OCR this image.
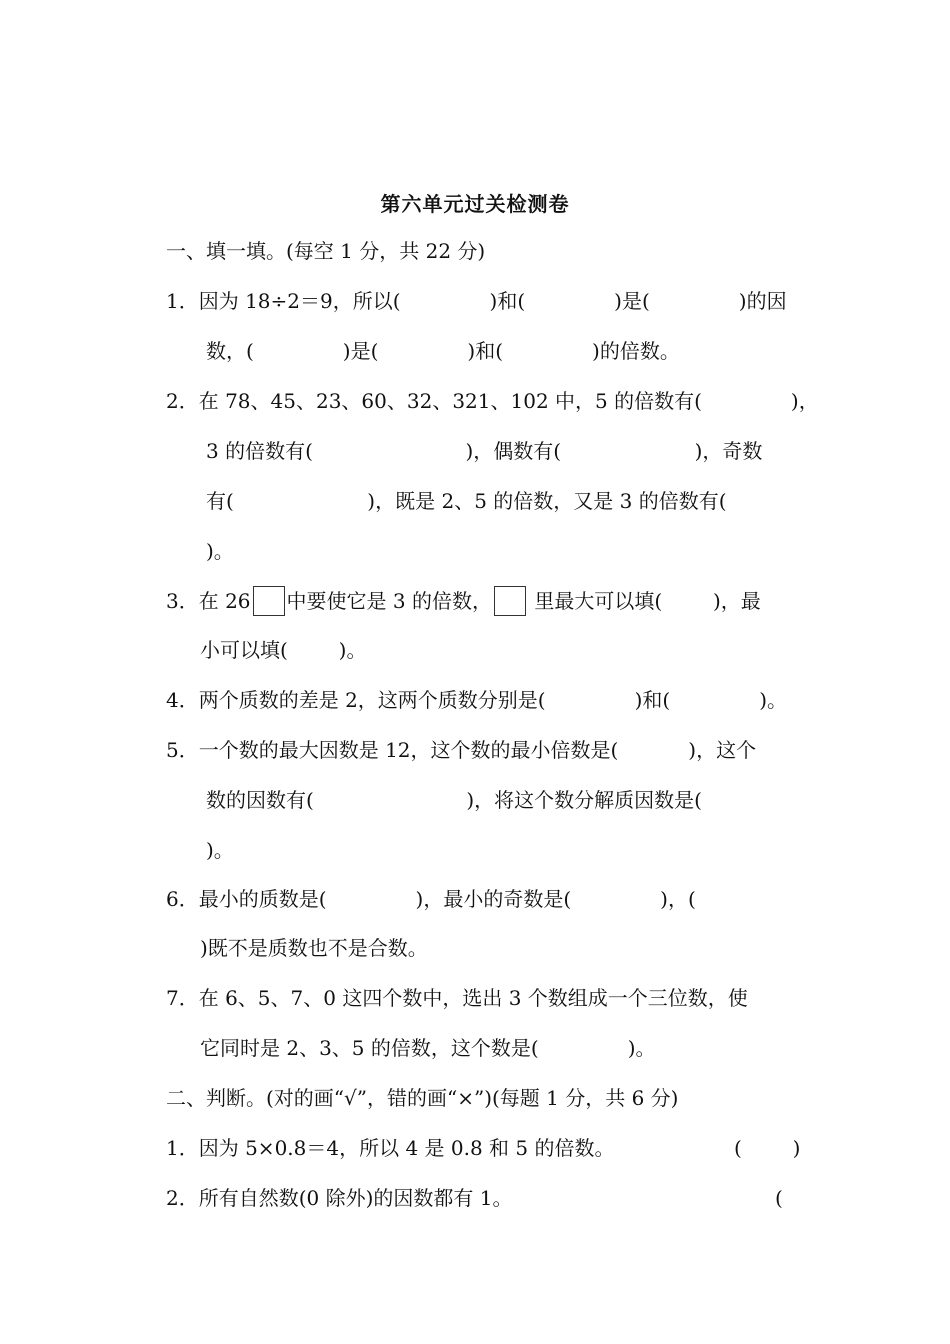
第六单元过关检测卷
一、填一填。(每空 1 分，共 22 分)
1．因为 18÷2＝9，所以(              )和(              )是(              )的因
数，(              )是(              )和(              )的倍数。
2．在 78、45、23、60、32、321、102 中，5 的倍数有(              )，
3 的倍数有(                        )，偶数有(                     )，奇数
有(                     )，既是 2、5 的倍数，又是 3 的倍数有(
)。
3．在 26 中要使它是 3 的倍数， 里最大可以填(        )，最
小可以填(        )。
4．两个质数的差是 2，这两个质数分别是(              )和(              )。
5．一个数的最大因数是 12，这个数的最小倍数是(           )，这个
数的因数有(                        )，将这个数分解质因数是(
)。
6．最小的质数是(              )，最小的奇数是(              )，(
)既不是质数也不是合数。
7．在 6、5、7、0 这四个数中，选出 3 个数组成一个三位数，使
它同时是 2、3、5 的倍数，这个数是(              )。
二、判断。(对的画“√”，错的画“×”)(每题 1 分，共 6 分)
1．因为 5×0.8＝4，所以 4 是 0.8 和 5 的倍数。	(        )
2．所有自然数(0 除外)的因数都有 1。	(
